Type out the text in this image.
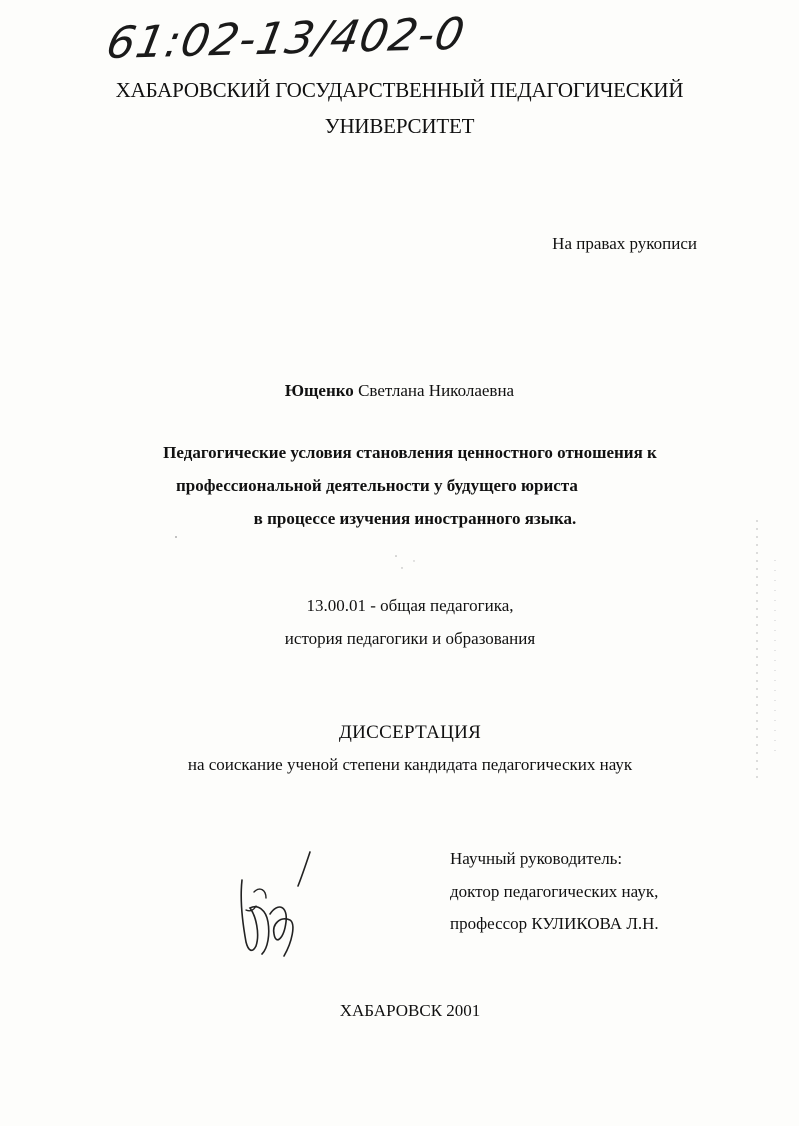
61:02-13/402-0
ХАБАРОВСКИЙ ГОСУДАРСТВЕННЫЙ ПЕДАГОГИЧЕСКИЙ
УНИВЕРСИТЕТ
На правах рукописи
Ющенко Светлана Николаевна
Педагогические условия становления ценностного отношения к
профессиональной деятельности у будущего юриста
в процессе изучения иностранного языка.
13.00.01 - общая педагогика,
история педагогики и образования
ДИССЕРТАЦИЯ
на соискание ученой степени кандидата педагогических наук
Научный руководитель:
доктор педагогических наук,
профессор КУЛИКОВА Л.Н.
ХАБАРОВСК 2001
